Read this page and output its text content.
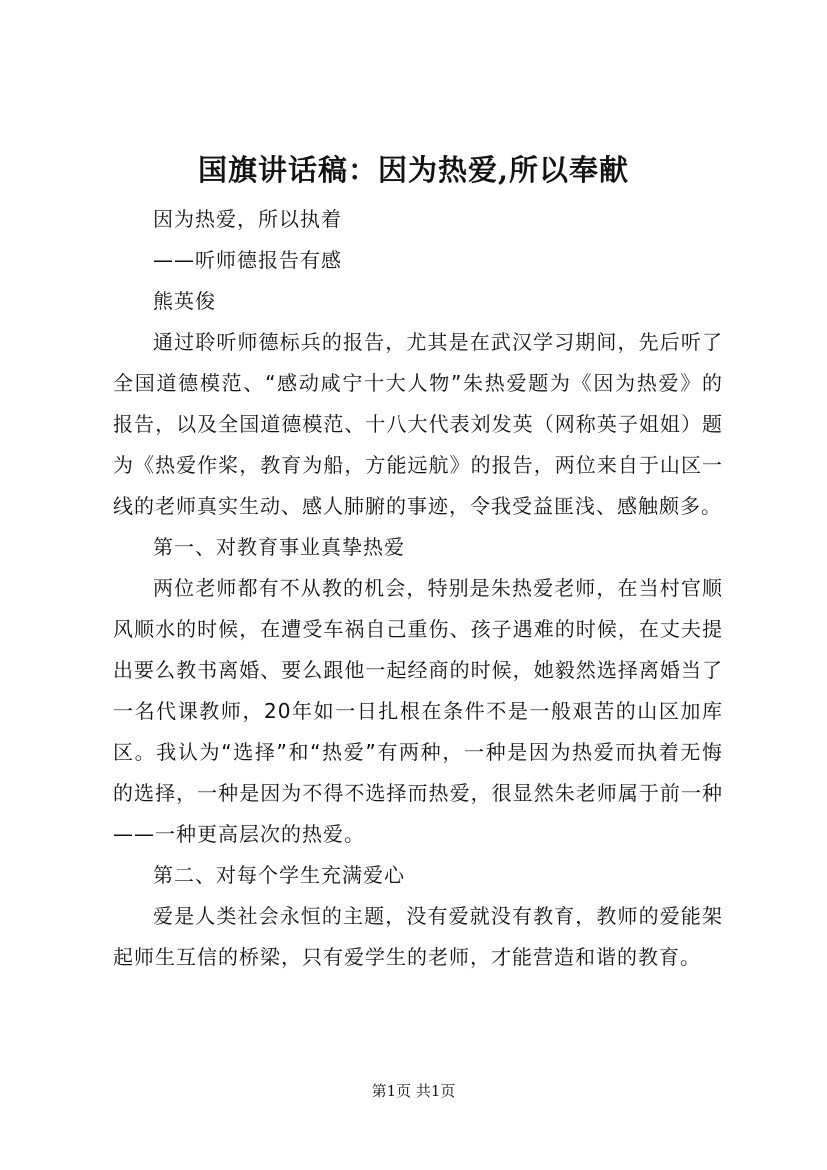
国旗讲话稿：因为热爱,所以奉献

因为热爱，所以执着

——听师德报告有感

熊英俊

通过聆听师德标兵的报告，尤其是在武汉学习期间，先后听了全国道德模范、“感动咸宁十大人物”朱热爱题为《因为热爱》的报告，以及全国道德模范、十八大代表刘发英（网称英子姐姐）题为《热爱作桨，教育为船，方能远航》的报告，两位来自于山区一线的老师真实生动、感人肺腑的事迹，令我受益匪浅、感触颇多。

第一、对教育事业真挚热爱

两位老师都有不从教的机会，特别是朱热爱老师，在当村官顺风顺水的时候，在遭受车祸自己重伤、孩子遇难的时候，在丈夫提出要么教书离婚、要么跟他一起经商的时候，她毅然选择离婚当了一名代课教师，20年如一日扎根在条件不是一般艰苦的山区加库区。我认为“选择”和“热爱”有两种，一种是因为热爱而执着无悔的选择，一种是因为不得不选择而热爱，很显然朱老师属于前一种——一种更高层次的热爱。

第二、对每个学生充满爱心

爱是人类社会永恒的主题，没有爱就没有教育，教师的爱能架起师生互信的桥梁，只有爱学生的老师，才能营造和谐的教育。

第1页 共1页
